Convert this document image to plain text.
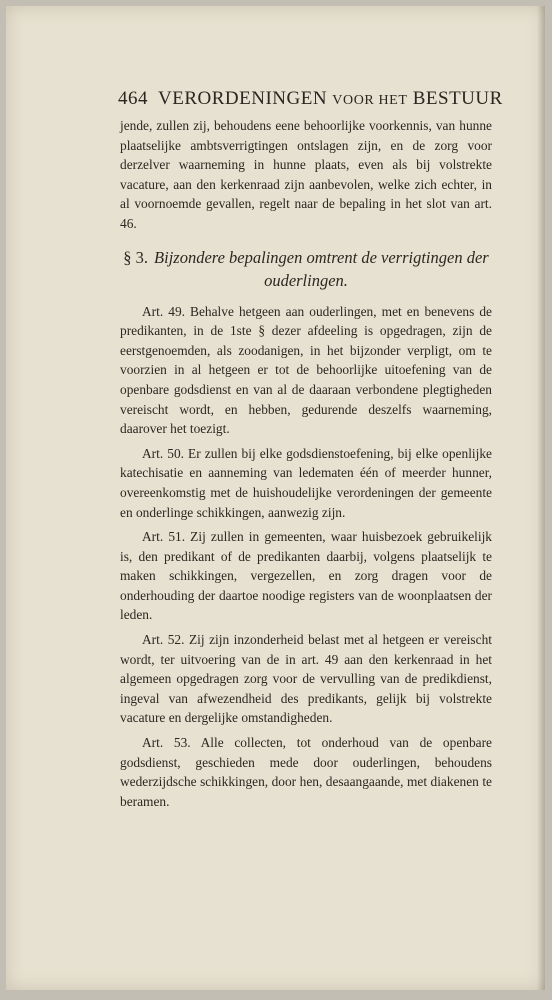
464 VERORDENINGEN VOOR HET BESTUUR

jende, zullen zij, behoudens eene behoorlijke voorkennis, van hunne plaatselijke ambtsverrigtingen ontslagen zijn, en de zorg voor derzelver waarneming in hunne plaats, even als bij volstrekte vacature, aan den kerkenraad zijn aanbevolen, welke zich echter, in al voornoemde gevallen, regelt naar de bepaling in het slot van art. 46.

§ 3. Bijzondere bepalingen omtrent de verrigtingen der ouderlingen.

Art. 49. Behalve hetgeen aan ouderlingen, met en benevens de predikanten, in de 1ste § dezer afdeeling is opgedragen, zijn de eerstgenoemden, als zoodanigen, in het bijzonder verpligt, om te voorzien in al hetgeen er tot de behoorlijke uitoefening van de openbare godsdienst en van al de daaraan verbondene plegtigheden vereischt wordt, en hebben, gedurende deszelfs waarneming, daarover het toezigt.

Art. 50. Er zullen bij elke godsdienstoefening, bij elke openlijke katechisatie en aanneming van ledematen één of meerder hunner, overeenkomstig met de huishoudelijke verordeningen der gemeente en onderlinge schikkingen, aanwezig zijn.

Art. 51. Zij zullen in gemeenten, waar huisbezoek gebruikelijk is, den predikant of de predikanten daarbij, volgens plaatselijk te maken schikkingen, vergezellen, en zorg dragen voor de onderhouding der daartoe noodige registers van de woonplaatsen der leden.

Art. 52. Zij zijn inzonderheid belast met al hetgeen er vereischt wordt, ter uitvoering van de in art. 49 aan den kerkenraad in het algemeen opgedragen zorg voor de vervulling van de predikdienst, ingeval van afwezendheid des predikants, gelijk bij volstrekte vacature en dergelijke omstandigheden.

Art. 53. Alle collecten, tot onderhoud van de openbare godsdienst, geschieden mede door ouderlingen, behoudens wederzijdsche schikkingen, door hen, desaangaande, met diakenen te beramen.
